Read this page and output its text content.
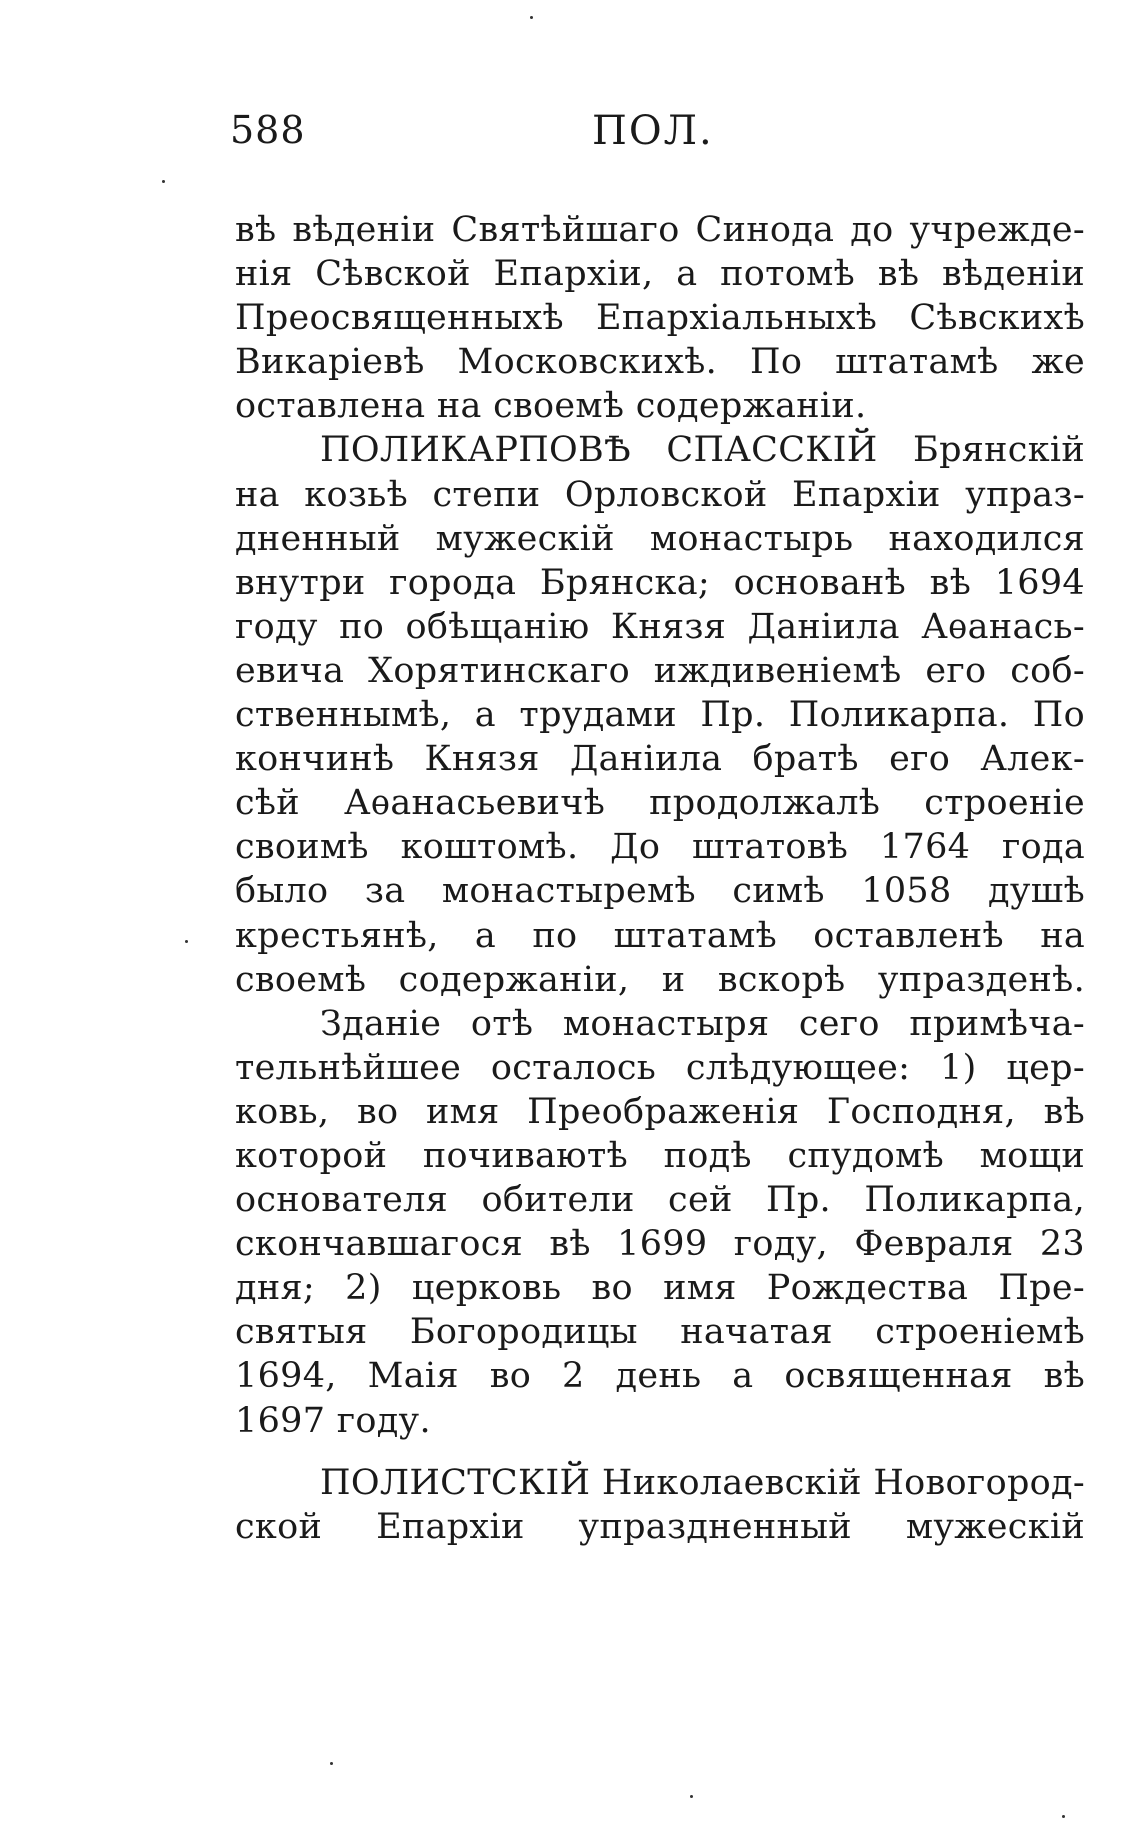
588	ПОЛ.
вѣ вѣденіи Святѣйшаго Синода до учрежде-
нія Сѣвской Епархіи, а потомѣ вѣ вѣденіи
Преосвященныхѣ Епархіальныхѣ Сѣвскихѣ
Викаріевѣ Московскихѣ. По штатамѣ же
оставлена на своемѣ содержаніи.
ПОЛИКАРПОВѢ СПАССКІЙ Брянскій
на козьѣ степи Орловской Епархіи упраз-
дненный мужескій монастырь находился
внутри города Брянска; основанѣ вѣ 1694
году по обѣщанію Князя Даніила Аѳанась-
евича Хорятинскаго иждивеніемѣ его соб-
ственнымѣ, а трудами Пр. Поликарпа. По
кончинѣ Князя Даніила братѣ его Алек-
сѣй Аѳанасьевичѣ продолжалѣ строеніе
своимѣ коштомѣ. До штатовѣ 1764 года
было за монастыремѣ симѣ 1058 душѣ
крестьянѣ, а по штатамѣ оставленѣ на
своемѣ содержаніи, и вскорѣ упразденѣ.
Зданіе отѣ монастыря сего примѣча-
тельнѣйшее осталось слѣдующее: 1) цер-
ковь, во имя Преображенія Господня, вѣ
которой почиваютѣ подѣ спудомѣ мощи
основателя обители сей Пр. Поликарпа,
скончавшагося вѣ 1699 году, Февраля 23
дня; 2) церковь во имя Рождества Пре-
святыя Богородицы начатая строеніемѣ
1694, Маія во 2 день а освященная вѣ
1697 году.
ПОЛИСТСКІЙ Николаевскій Новогород-
ской Епархіи упраздненный мужескій
